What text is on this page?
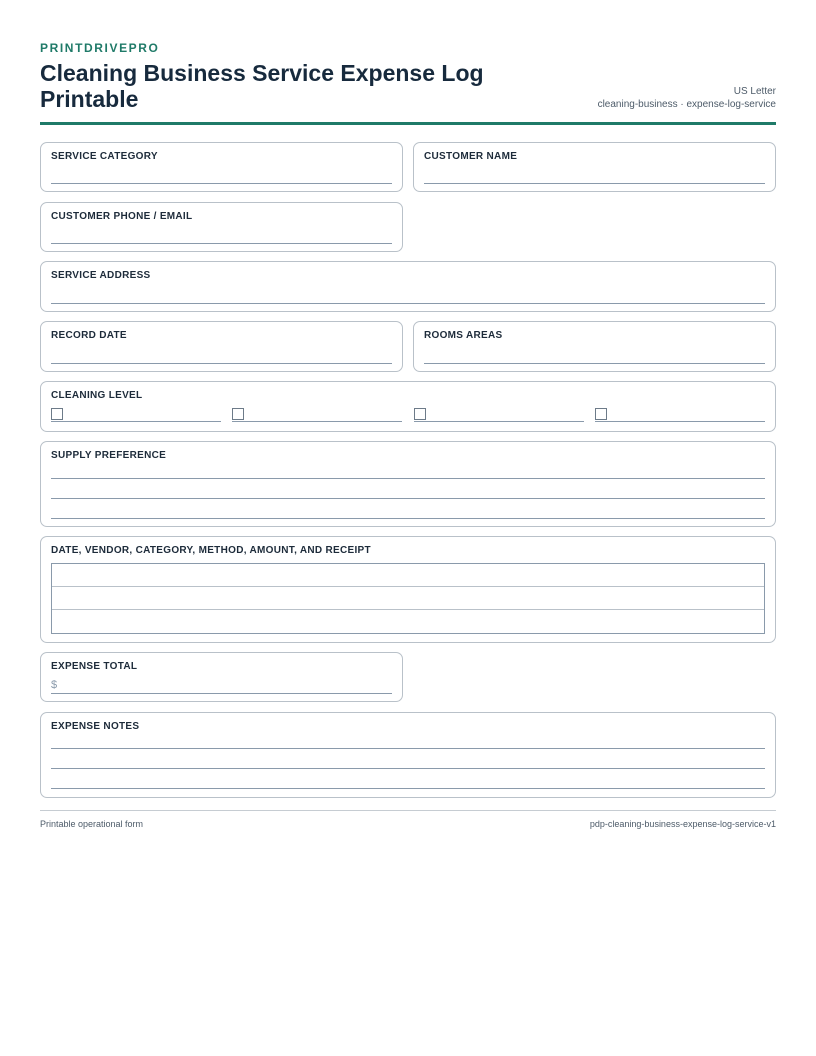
PRINTDRIVEPRO
Cleaning Business Service Expense Log Printable	US Letter
cleaning-business · expense-log-service
SERVICE CATEGORY	CUSTOMER NAME
CUSTOMER PHONE / EMAIL
SERVICE ADDRESS
RECORD DATE	ROOMS AREAS
CLEANING LEVEL
SUPPLY PREFERENCE
DATE, VENDOR, CATEGORY, METHOD, AMOUNT, AND RECEIPT
EXPENSE TOTAL
$
EXPENSE NOTES
Printable operational form	pdp-cleaning-business-expense-log-service-v1
